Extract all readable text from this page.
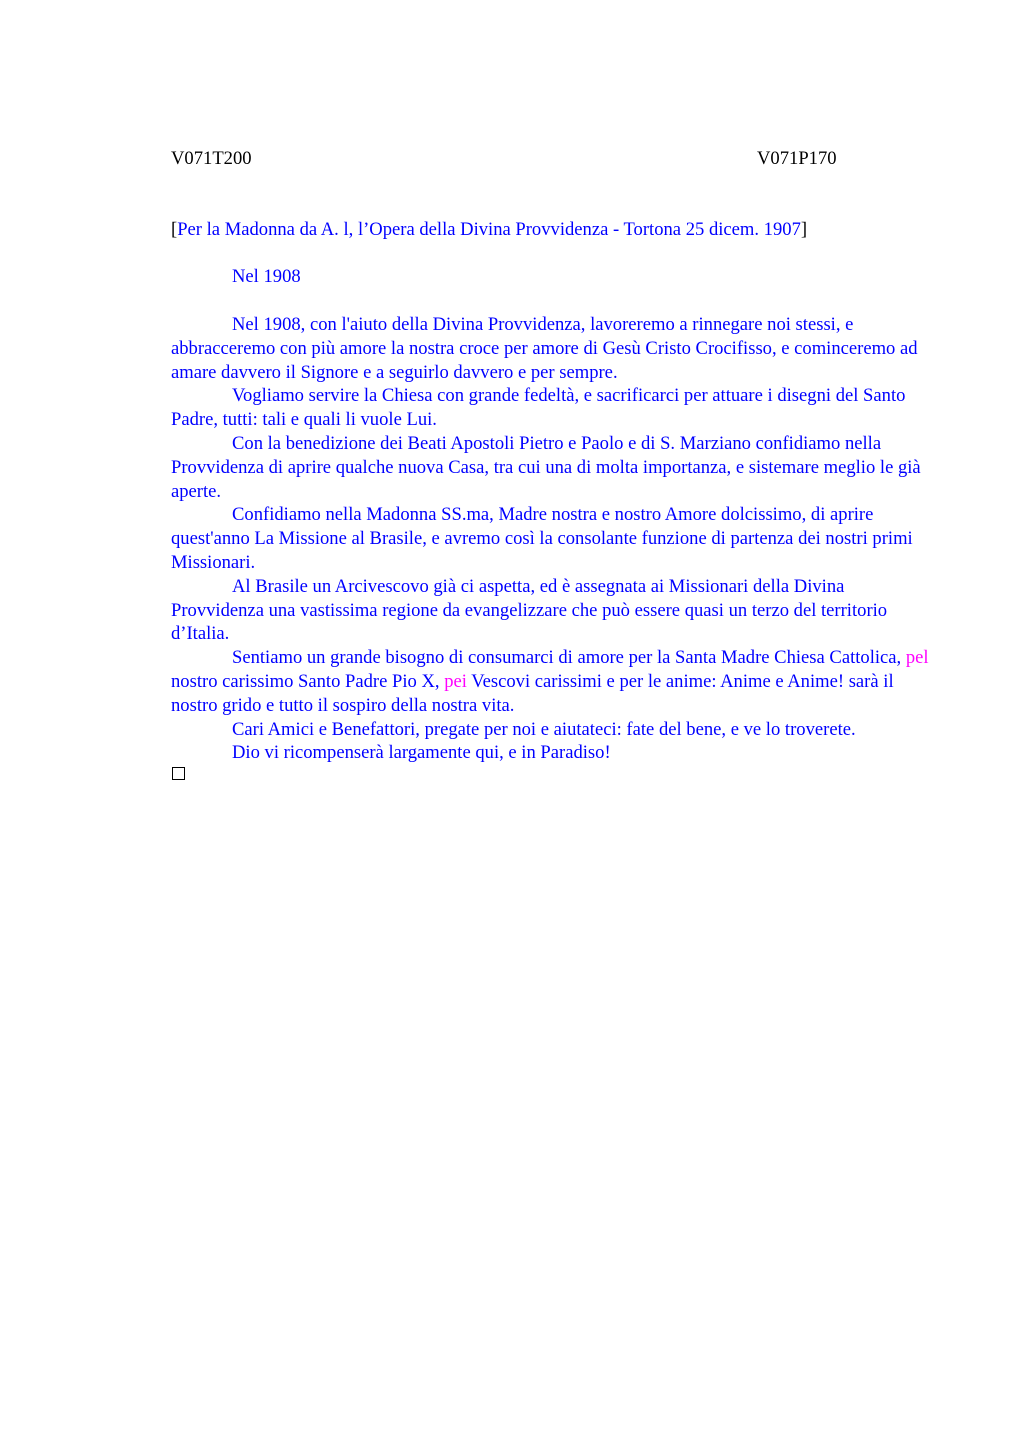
V071T200	V071P170
[Per la Madonna da A. l, l’Opera della Divina Provvidenza - Tortona 25 dicem. 1907]
Nel 1908

Nel 1908, con l'aiuto della Divina Provvidenza, lavoreremo a rinnegare noi stessi, e abbracceremo con più amore la nostra croce per amore di Gesù Cristo Crocifisso, e cominceremo ad amare davvero il Signore e a seguirlo davvero e per sempre.

Vogliamo servire la Chiesa con grande fedeltà, e sacrificarci per attuare i disegni del Santo Padre, tutti: tali e quali li vuole Lui.

Con la benedizione dei Beati Apostoli Pietro e Paolo e di S. Marziano confidiamo nella Provvidenza di aprire qualche nuova Casa, tra cui una di molta importanza, e sistemare meglio le già aperte.

Confidiamo nella Madonna SS.ma, Madre nostra e nostro Amore dolcissimo, di aprire quest'anno La Missione al Brasile, e avremo così la consolante funzione di partenza dei nostri primi Missionari.

Al Brasile un Arcivescovo già ci aspetta, ed è assegnata ai Missionari della Divina Provvidenza una vastissima regione da evangelizzare che può essere quasi un terzo del territorio d’Italia.

Sentiamo un grande bisogno di consumarci di amore per la Santa Madre Chiesa Cattolica, pel nostro carissimo Santo Padre Pio X, pei Vescovi carissimi e per le anime: Anime e Anime! sarà il nostro grido e tutto il sospiro della nostra vita.

Cari Amici e Benefattori, pregate per noi e aiutateci: fate del bene, e ve lo troverete.

Dio vi ricompenserà largamente qui, e in Paradiso!
